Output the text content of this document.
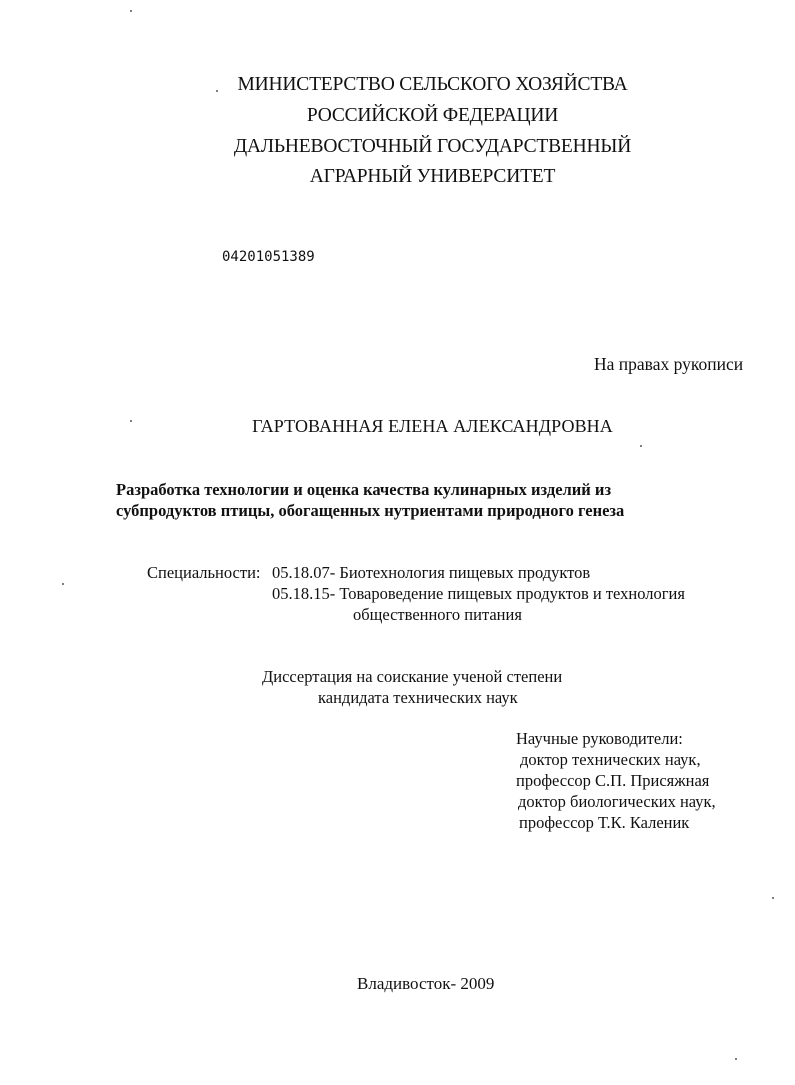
МИНИСТЕРСТВО СЕЛЬСКОГО ХОЗЯЙСТВА
РОССИЙСКОЙ ФЕДЕРАЦИИ
ДАЛЬНЕВОСТОЧНЫЙ ГОСУДАРСТВЕННЫЙ
АГРАРНЫЙ УНИВЕРСИТЕТ
04201051389
На правах рукописи
ГАРТОВАННАЯ ЕЛЕНА АЛЕКСАНДРОВНА
Разработка технологии и оценка качества кулинарных изделий из
субпродуктов птицы, обогащенных нутриентами природного генеза
Специальности: 05.18.07- Биотехнология пищевых продуктов
05.18.15- Товароведение пищевых продуктов и технология
общественного питания
Диссертация на соискание ученой степени
кандидата технических наук
Научные руководители:
доктор технических наук,
профессор С.П. Присяжная
доктор биологических наук,
профессор Т.К. Каленик
Владивосток- 2009
